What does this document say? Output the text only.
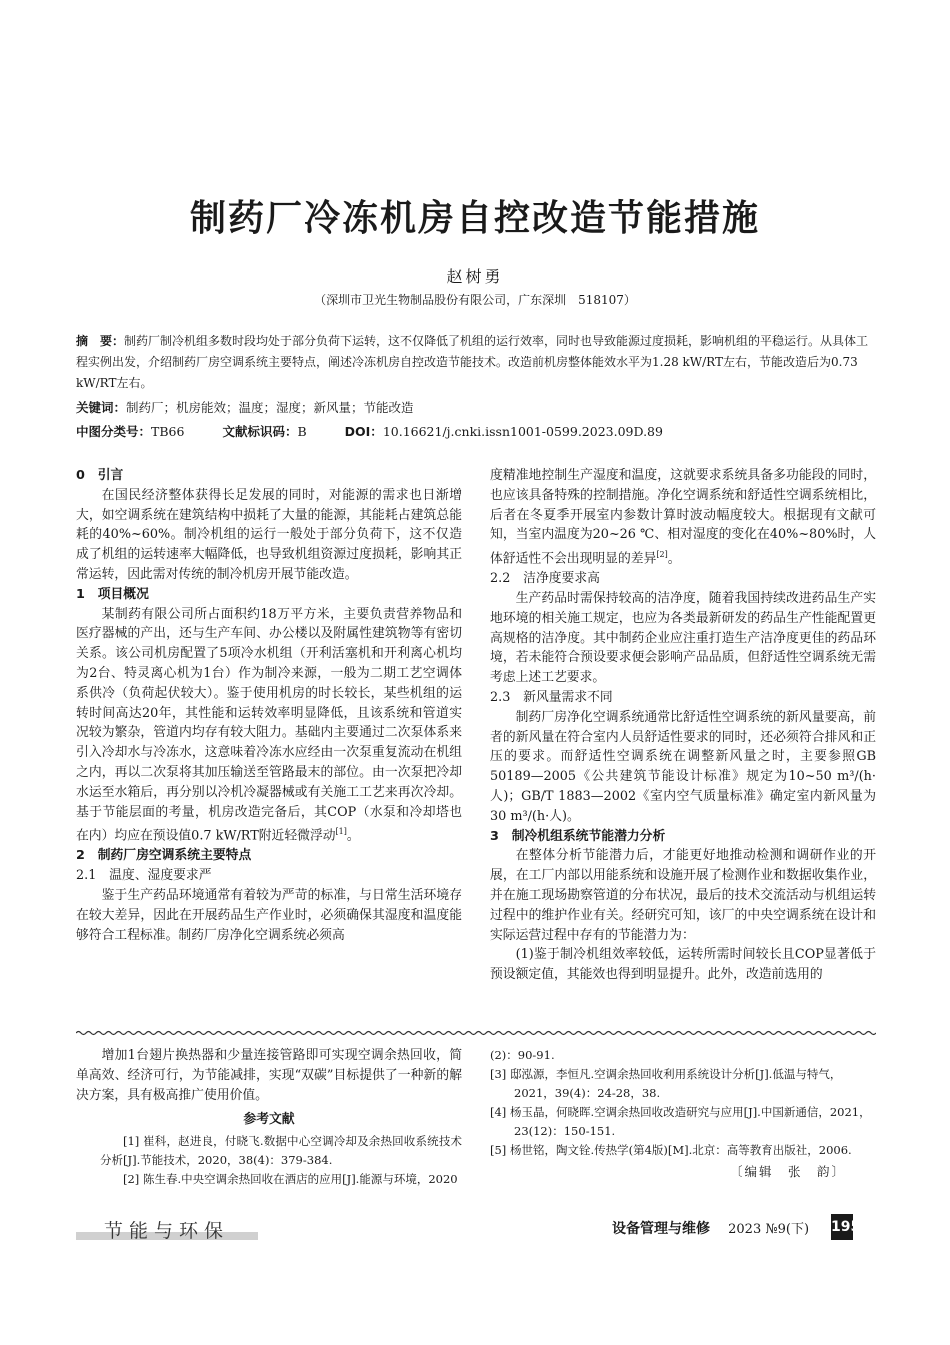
制药厂冷冻机房自控改造节能措施

赵树勇

（深圳市卫光生物制品股份有限公司，广东深圳　518107）

摘　要：制药厂制冷机组多数时段均处于部分负荷下运转，这不仅降低了机组的运行效率，同时也导致能源过度损耗，影响机组的平稳运行。从具体工程实例出发，介绍制药厂房空调系统主要特点，阐述冷冻机房自控改造节能技术。改造前机房整体能效水平为1.28 kW/RT左右，节能改造后为0.73 kW/RT左右。

关键词：制药厂；机房能效；温度；湿度；新风量；节能改造

中图分类号：TB66	文献标识码：B	DOI：10.16621/j.cnki.issn1001-0599.2023.09D.89

0　引言

在国民经济整体获得长足发展的同时，对能源的需求也日渐增大，如空调系统在建筑结构中损耗了大量的能源，其能耗占建筑总能耗的40%~60%。制冷机组的运行一般处于部分负荷下，这不仅造成了机组的运转速率大幅降低，也导致机组资源过度损耗，影响其正常运转，因此需对传统的制冷机房开展节能改造。

1　项目概况

某制药有限公司所占面积约18万平方米，主要负责营养物品和医疗器械的产出，还与生产车间、办公楼以及附属性建筑物等有密切关系。该公司机房配置了5项冷水机组（开利活塞机和开利离心机均为2台、特灵离心机为1台）作为制冷来源，一般为二期工艺空调体系供冷（负荷起伏较大）。鉴于使用机房的时长较长，某些机组的运转时间高达20年，其性能和运转效率明显降低，且该系统和管道实况较为繁杂，管道内均存有较大阻力。基础内主要通过二次泵体系来引入冷却水与冷冻水，这意味着冷冻水应经由一次泵重复流动在机组之内，再以二次泵将其加压输送至管路最末的部位。由一次泵把冷却水运至水箱后，再分别以冷机冷凝器械或有关施工工艺来再次冷却。基于节能层面的考量，机房改造完备后，其COP（水泵和冷却塔也在内）均应在预设值0.7 kW/RT附近轻微浮动[1]。

2　制药厂房空调系统主要特点
2.1　温度、湿度要求严

鉴于生产药品环境通常有着较为严苛的标准，与日常生活环境存在较大差异，因此在开展药品生产作业时，必须确保其湿度和温度能够符合工程标准。制药厂房净化空调系统必须高

度精准地控制生产湿度和温度，这就要求系统具备多功能段的同时，也应该具备特殊的控制措施。净化空调系统和舒适性空调系统相比，后者在冬夏季开展室内参数计算时波动幅度较大。根据现有文献可知，当室内温度为20~26 ℃、相对湿度的变化在40%~80%时，人体舒适性不会出现明显的差异[2]。

2.2　洁净度要求高

生产药品时需保持较高的洁净度，随着我国持续改进药品生产实地环境的相关施工规定，也应为各类最新研发的药品生产性能配置更高规格的洁净度。其中制药企业应注重打造生产洁净度更佳的药品环境，若未能符合预设要求便会影响产品品质，但舒适性空调系统无需考虑上述工艺要求。

2.3　新风量需求不同

制药厂房净化空调系统通常比舒适性空调系统的新风量要高，前者的新风量在符合室内人员舒适性要求的同时，还必须符合排风和正压的要求。而舒适性空调系统在调整新风量之时，主要参照GB 50189—2005《公共建筑节能设计标准》规定为10~50 m³/(h·人)；GB/T 1883—2002《室内空气质量标准》确定室内新风量为30 m³/(h·人)。

3　制冷机组系统节能潜力分析

在整体分析节能潜力后，才能更好地推动检测和调研作业的开展，在工厂内部以用能系统和设施开展了检测作业和数据收集作业，并在施工现场勘察管道的分布状况，最后的技术交流活动与机组运转过程中的维护作业有关。经研究可知，该厂的中央空调系统在设计和实际运营过程中存有的节能潜力为：

(1)鉴于制冷机组效率较低，运转所需时间较长且COP显著低于预设额定值，其能效也得到明显提升。此外，改造前选用的

增加1台翅片换热器和少量连接管路即可实现空调余热回收，简单高效、经济可行，为节能减排，实现“双碳”目标提供了一种新的解决方案，具有极高推广使用价值。

参考文献

[1] 崔科，赵进良，付晓飞.数据中心空调冷却及余热回收系统技术分析[J].节能技术，2020，38(4)：379-384.

[2] 陈生春.中央空调余热回收在酒店的应用[J].能源与环境，2020

(2)：90-91.

[3] 邸泓源，李恒凡.空调余热回收利用系统设计分析[J].低温与特气，2021，39(4)：24-28，38.

[4] 杨玉晶，何晓晖.空调余热回收改造研究与应用[J].中国新通信，2021，23(12)：150-151.

[5] 杨世铭，陶文铨.传热学(第4版)[M].北京：高等教育出版社，2006.

〔编辑　张　韵〕
节能与环保	设备管理与维修 2023 №9(下) 195
